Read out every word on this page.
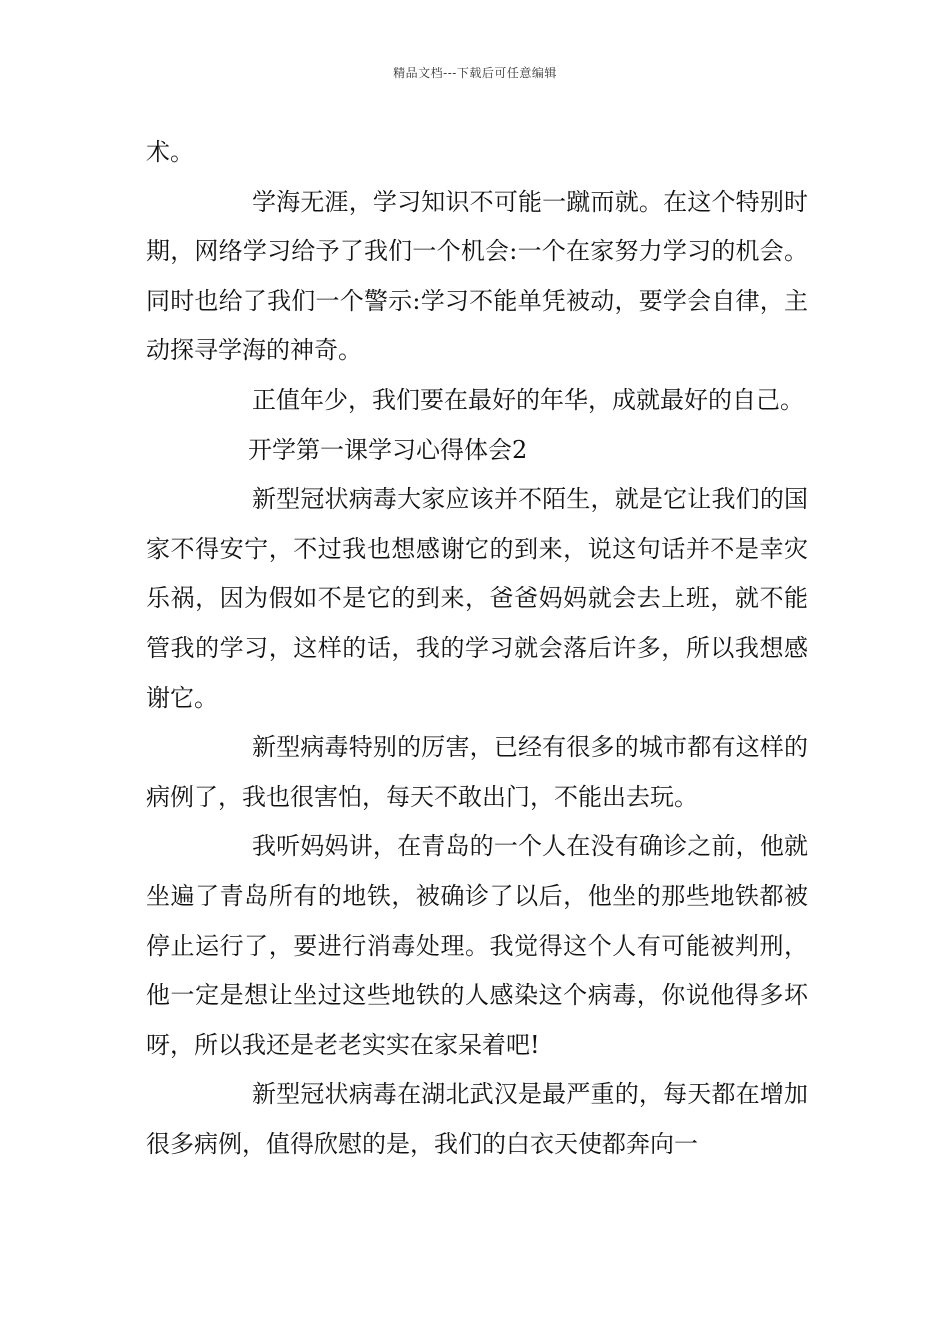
精品文档---下载后可任意编辑

术。

学海无涯，学习知识不可能一蹴而就。在这个特别时期，网络学习给予了我们一个机会:一个在家努力学习的机会。同时也给了我们一个警示:学习不能单凭被动，要学会自律，主动探寻学海的神奇。

正值年少，我们要在最好的年华，成就最好的自己。

开学第一课学习心得体会2

新型冠状病毒大家应该并不陌生，就是它让我们的国家不得安宁，不过我也想感谢它的到来，说这句话并不是幸灾乐祸，因为假如不是它的到来，爸爸妈妈就会去上班，就不能管我的学习，这样的话，我的学习就会落后许多，所以我想感谢它。

新型病毒特别的厉害，已经有很多的城市都有这样的病例了，我也很害怕，每天不敢出门，不能出去玩。

我听妈妈讲，在青岛的一个人在没有确诊之前，他就坐遍了青岛所有的地铁，被确诊了以后，他坐的那些地铁都被停止运行了，要进行消毒处理。我觉得这个人有可能被判刑，他一定是想让坐过这些地铁的人感染这个病毒，你说他得多坏呀，所以我还是老老实实在家呆着吧!

新型冠状病毒在湖北武汉是最严重的，每天都在增加很多病例，值得欣慰的是，我们的白衣天使都奔向一
